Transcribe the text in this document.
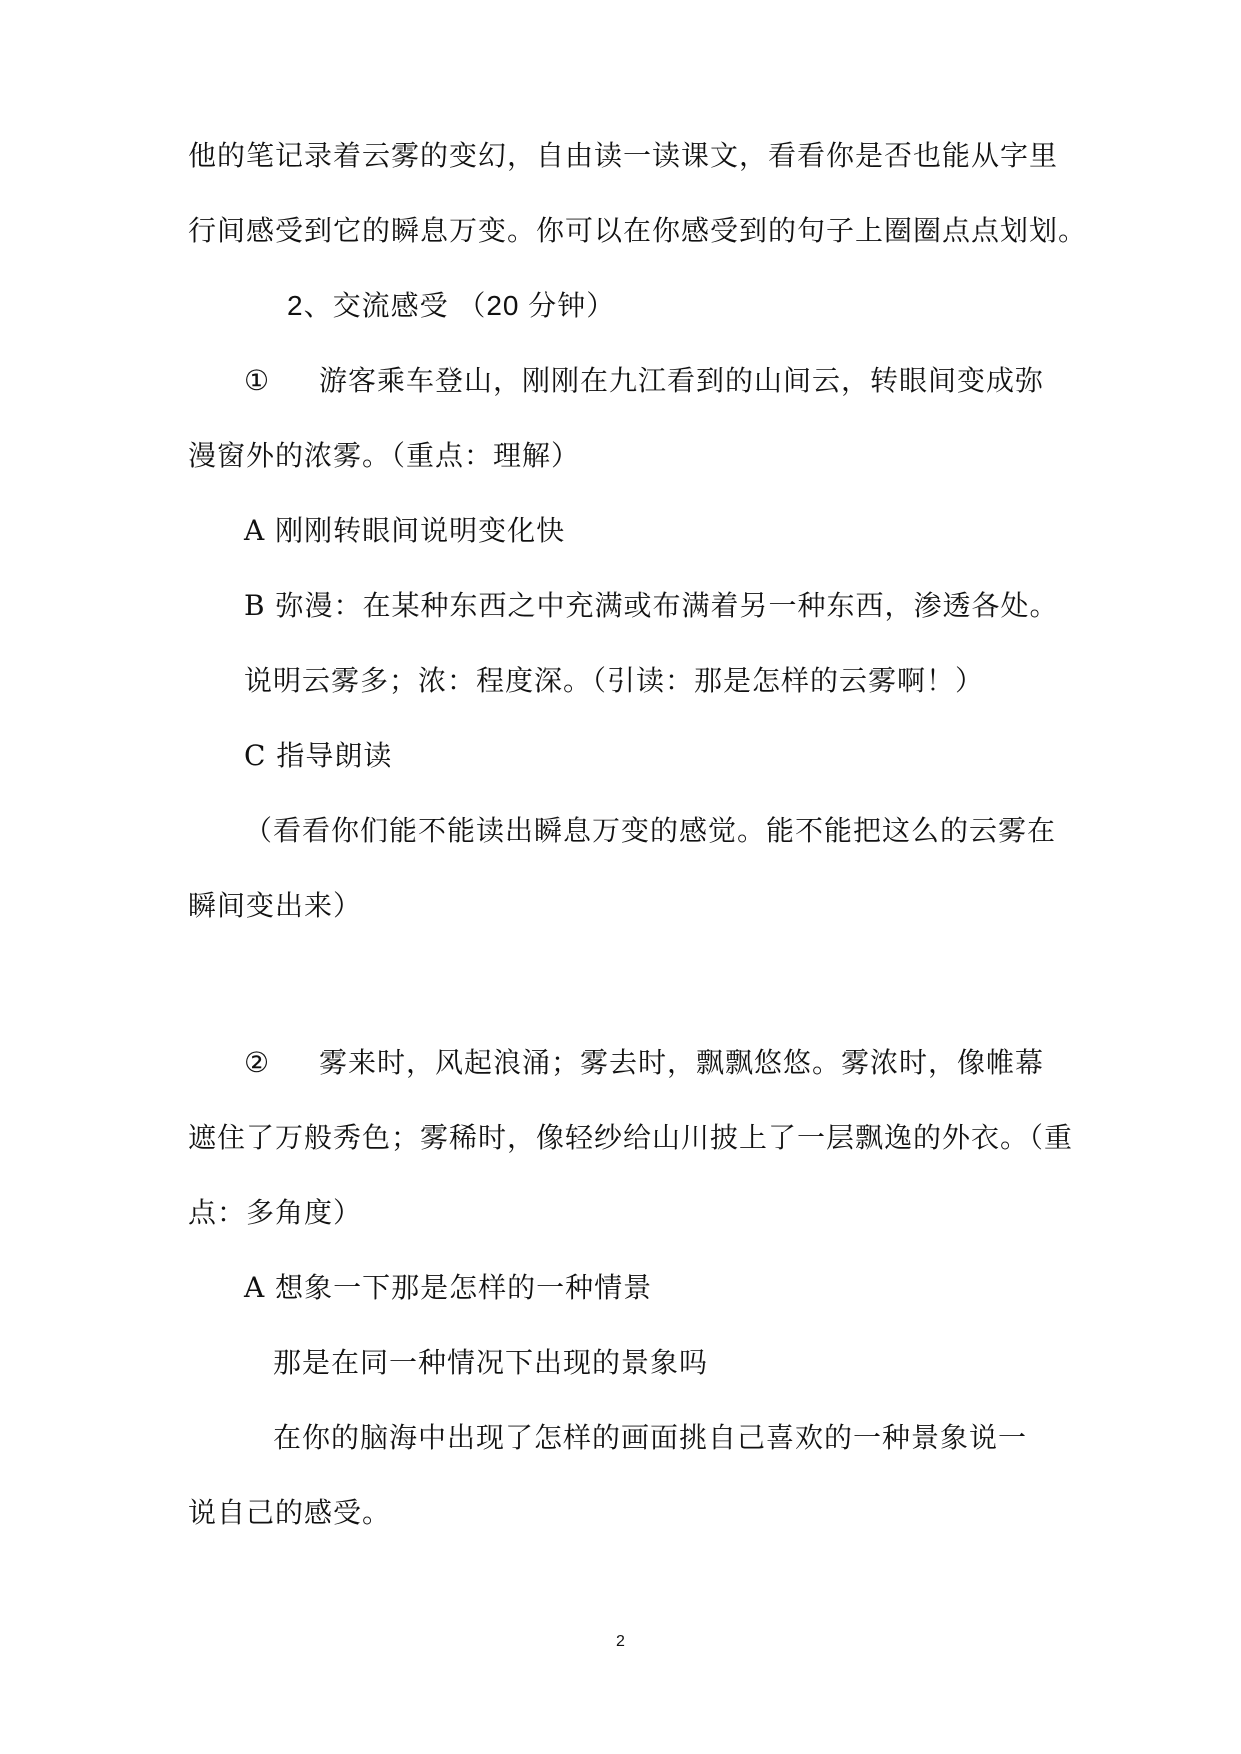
他的笔记录着云雾的变幻，自由读一读课文，看看你是否也能从字里
行间感受到它的瞬息万变。你可以在你感受到的句子上圈圈点点划划。
2、交流感受 （20 分钟）
① 游客乘车登山，刚刚在九江看到的山间云，转眼间变成弥
漫窗外的浓雾。（重点：理解）
A 刚刚转眼间说明变化快
B 弥漫：在某种东西之中充满或布满着另一种东西，渗透各处。
说明云雾多；浓：程度深。（引读：那是怎样的云雾啊！）
C 指导朗读
（看看你们能不能读出瞬息万变的感觉。能不能把这么的云雾在
瞬间变出来）
② 雾来时，风起浪涌；雾去时，飘飘悠悠。雾浓时，像帷幕
遮住了万般秀色；雾稀时，像轻纱给山川披上了一层飘逸的外衣。（重
点：多角度）
A 想象一下那是怎样的一种情景
那是在同一种情况下出现的景象吗
在你的脑海中出现了怎样的画面挑自己喜欢的一种景象说一
说自己的感受。
2
